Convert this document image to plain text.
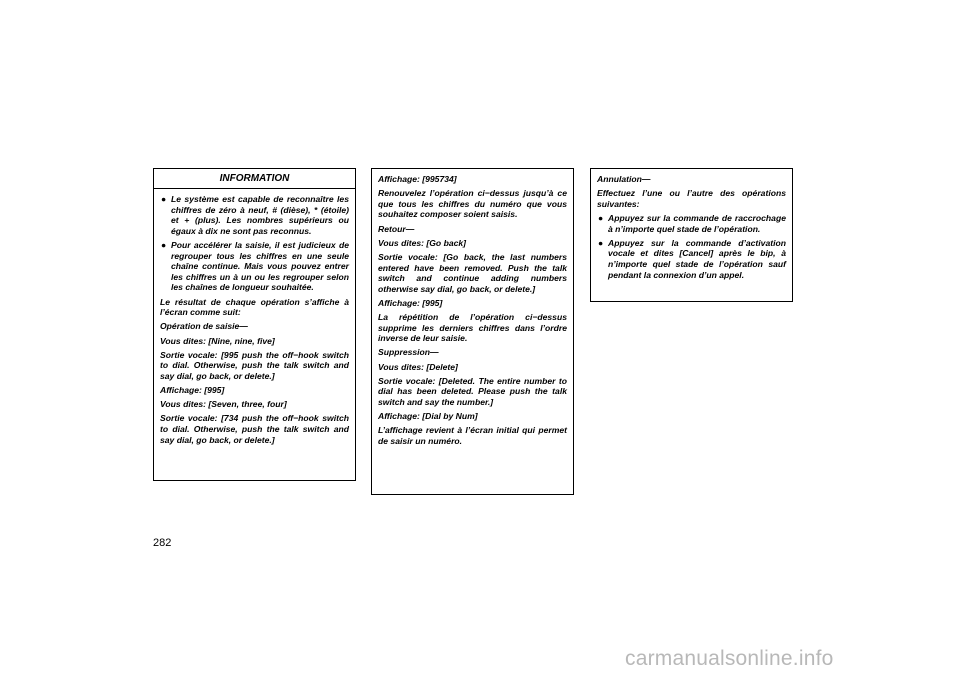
INFORMATION
● Le système est capable de reconnaître les chiffres de zéro à neuf, # (dièse), * (étoile) et + (plus). Les nombres supérieurs ou égaux à dix ne sont pas reconnus.
● Pour accélérer la saisie, il est judicieux de regrouper tous les chiffres en une seule chaîne continue. Mais vous pouvez entrer les chiffres un à un ou les regrouper selon les chaînes de longueur souhaitée.
Le résultat de chaque opération s’affiche à l’écran comme suit:
Opération de saisie—
Vous dites: [Nine, nine, five]
Sortie vocale: [995 push the off−hook switch to dial. Otherwise, push the talk switch and say dial, go back, or delete.]
Affichage: [995]
Vous dites: [Seven, three, four]
Sortie vocale: [734 push the off−hook switch to dial. Otherwise, push the talk switch and say dial, go back, or delete.]
Affichage: [995734]
Renouvelez l’opération ci−dessus jusqu’à ce que tous les chiffres du numéro que vous souhaitez composer soient saisis.
Retour—
Vous dites: [Go back]
Sortie vocale: [Go back, the last numbers entered have been removed. Push the talk switch and continue adding numbers otherwise say dial, go back, or delete.]
Affichage: [995]
La répétition de l’opération ci−dessus supprime les derniers chiffres dans l’ordre inverse de leur saisie.
Suppression—
Vous dites: [Delete]
Sortie vocale: [Deleted. The entire number to dial has been deleted. Please push the talk switch and say the number.]
Affichage: [Dial by Num]
L’affichage revient à l’écran initial qui permet de saisir un numéro.
Annulation—
Effectuez l’une ou l’autre des opérations suivantes:
● Appuyez sur la commande de raccrochage à n’importe quel stade de l’opération.
● Appuyez sur la commande d’activation vocale et dites [Cancel] après le bip, à n’importe quel stade de l’opération sauf pendant la connexion d’un appel.
282
carmanualsonline.info
